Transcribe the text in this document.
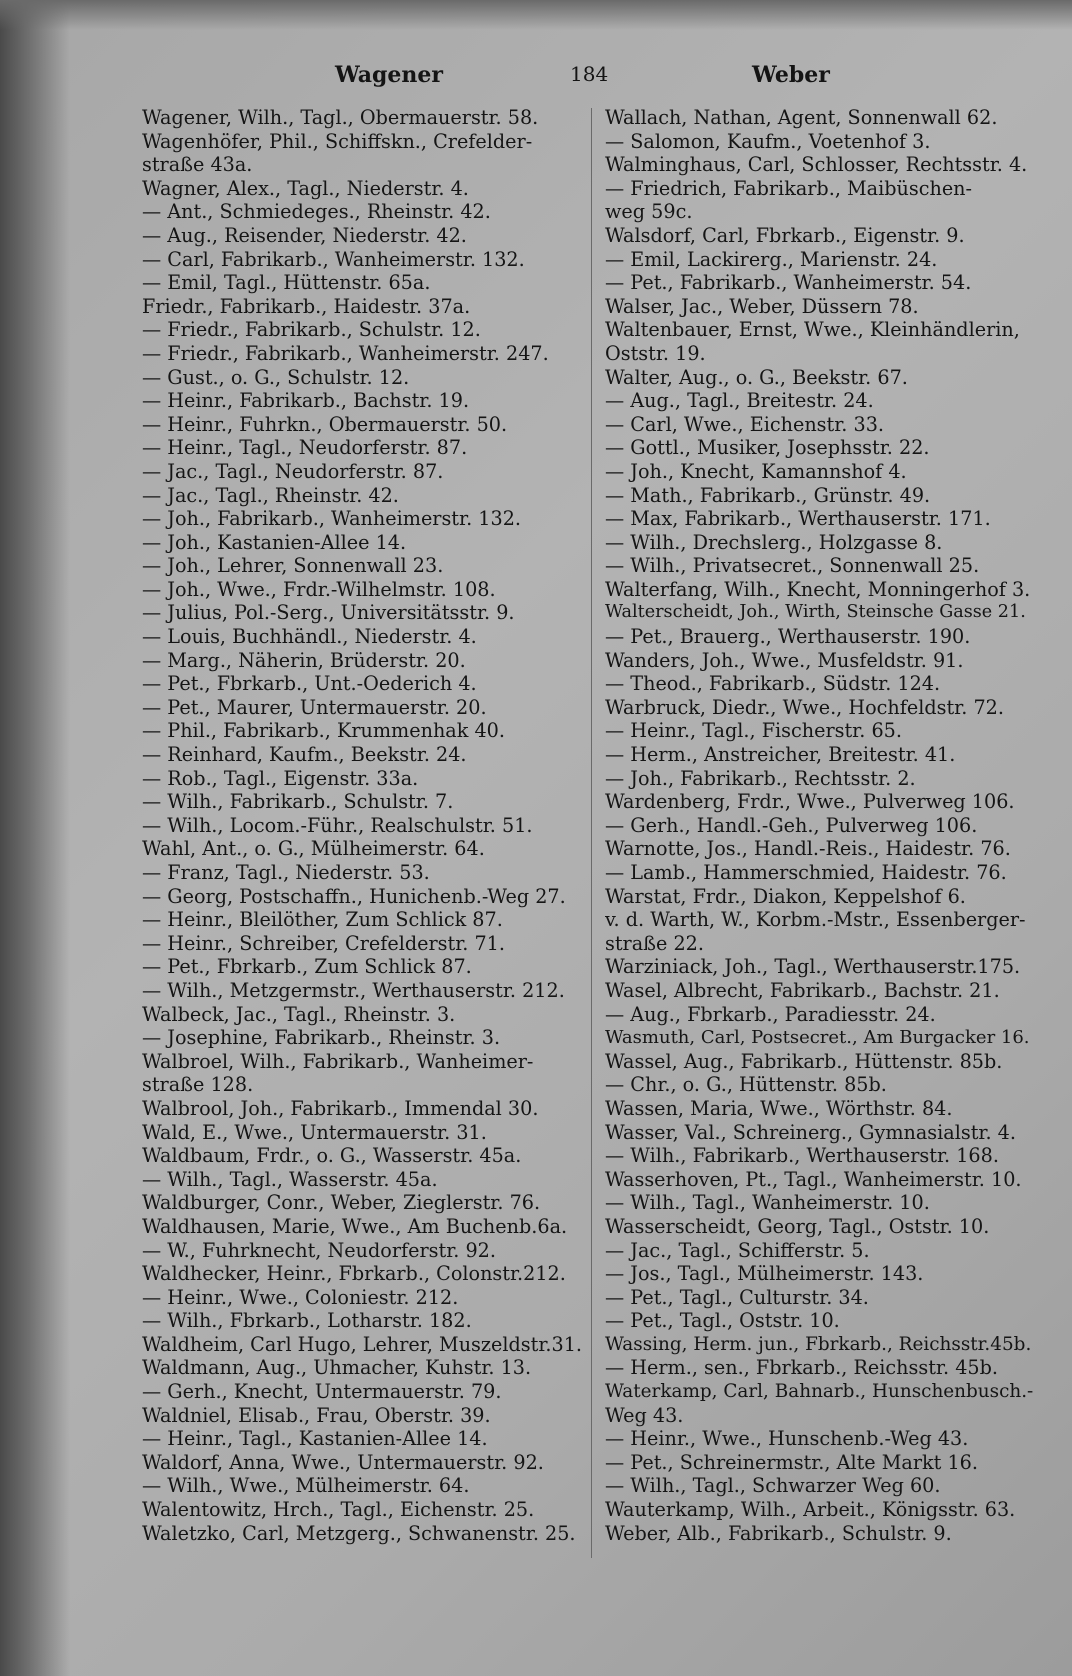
Wagener	184	Weber
Wagener, Wilh., Tagl., Obermauerstr. 58.
Wagenhöfer, Phil., Schiffskn., Crefelder-
straße 43a.
Wagner, Alex., Tagl., Niederstr. 4.
— Ant., Schmiedeges., Rheinstr. 42.
— Aug., Reisender, Niederstr. 42.
— Carl, Fabrikarb., Wanheimerstr. 132.
— Emil, Tagl., Hüttenstr. 65a.
Friedr., Fabrikarb., Haidestr. 37a.
— Friedr., Fabrikarb., Schulstr. 12.
— Friedr., Fabrikarb., Wanheimerstr. 247.
— Gust., o. G., Schulstr. 12.
— Heinr., Fabrikarb., Bachstr. 19.
— Heinr., Fuhrkn., Obermauerstr. 50.
— Heinr., Tagl., Neudorferstr. 87.
— Jac., Tagl., Neudorferstr. 87.
— Jac., Tagl., Rheinstr. 42.
— Joh., Fabrikarb., Wanheimerstr. 132.
— Joh., Kastanien-Allee 14.
— Joh., Lehrer, Sonnenwall 23.
— Joh., Wwe., Frdr.-Wilhelmstr. 108.
— Julius, Pol.-Serg., Universitätsstr. 9.
— Louis, Buchhändl., Niederstr. 4.
— Marg., Näherin, Brüderstr. 20.
— Pet., Fbrkarb., Unt.-Oederich 4.
— Pet., Maurer, Untermauerstr. 20.
— Phil., Fabrikarb., Krummenhak 40.
— Reinhard, Kaufm., Beekstr. 24.
— Rob., Tagl., Eigenstr. 33a.
— Wilh., Fabrikarb., Schulstr. 7.
— Wilh., Locom.-Führ., Realschulstr. 51.
Wahl, Ant., o. G., Mülheimerstr. 64.
— Franz, Tagl., Niederstr. 53.
— Georg, Postschaffn., Hunichenb.-Weg 27.
— Heinr., Bleilöther, Zum Schlick 87.
— Heinr., Schreiber, Crefelderstr. 71.
— Pet., Fbrkarb., Zum Schlick 87.
— Wilh., Metzgermstr., Werthauserstr. 212.
Walbeck, Jac., Tagl., Rheinstr. 3.
— Josephine, Fabrikarb., Rheinstr. 3.
Walbroel, Wilh., Fabrikarb., Wanheimer-
straße 128.
Walbrool, Joh., Fabrikarb., Immendal 30.
Wald, E., Wwe., Untermauerstr. 31.
Waldbaum, Frdr., o. G., Wasserstr. 45a.
— Wilh., Tagl., Wasserstr. 45a.
Waldburger, Conr., Weber, Zieglerstr. 76.
Waldhausen, Marie, Wwe., Am Buchenb.6a.
— W., Fuhrknecht, Neudorferstr. 92.
Waldhecker, Heinr., Fbrkarb., Colonstr.212.
— Heinr., Wwe., Coloniestr. 212.
— Wilh., Fbrkarb., Lotharstr. 182.
Waldheim, Carl Hugo, Lehrer, Muszeldstr.31.
Waldmann, Aug., Uhmacher, Kuhstr. 13.
— Gerh., Knecht, Untermauerstr. 79.
Waldniel, Elisab., Frau, Oberstr. 39.
— Heinr., Tagl., Kastanien-Allee 14.
Waldorf, Anna, Wwe., Untermauerstr. 92.
— Wilh., Wwe., Mülheimerstr. 64.
Walentowitz, Hrch., Tagl., Eichenstr. 25.
Waletzko, Carl, Metzgerg., Schwanenstr. 25.
Wallach, Nathan, Agent, Sonnenwall 62.
— Salomon, Kaufm., Voetenhof 3.
Walminghaus, Carl, Schlosser, Rechtsstr. 4.
— Friedrich, Fabrikarb., Maibüschen-
weg 59c.
Walsdorf, Carl, Fbrkarb., Eigenstr. 9.
— Emil, Lackirerg., Marienstr. 24.
— Pet., Fabrikarb., Wanheimerstr. 54.
Walser, Jac., Weber, Düssern 78.
Waltenbauer, Ernst, Wwe., Kleinhändlerin,
Oststr. 19.
Walter, Aug., o. G., Beekstr. 67.
— Aug., Tagl., Breitestr. 24.
— Carl, Wwe., Eichenstr. 33.
— Gottl., Musiker, Josephsstr. 22.
— Joh., Knecht, Kamannshof 4.
— Math., Fabrikarb., Grünstr. 49.
— Max, Fabrikarb., Werthauserstr. 171.
— Wilh., Drechslerg., Holzgasse 8.
— Wilh., Privatsecret., Sonnenwall 25.
Walterfang, Wilh., Knecht, Monningerhof 3.
Walterscheidt, Joh., Wirth, Steinsche Gasse 21.
— Pet., Brauerg., Werthauserstr. 190.
Wanders, Joh., Wwe., Musfeldstr. 91.
— Theod., Fabrikarb., Südstr. 124.
Warbruck, Diedr., Wwe., Hochfeldstr. 72.
— Heinr., Tagl., Fischerstr. 65.
— Herm., Anstreicher, Breitestr. 41.
— Joh., Fabrikarb., Rechtsstr. 2.
Wardenberg, Frdr., Wwe., Pulverweg 106.
— Gerh., Handl.-Geh., Pulverweg 106.
Warnotte, Jos., Handl.-Reis., Haidestr. 76.
— Lamb., Hammerschmied, Haidestr. 76.
Warstat, Frdr., Diakon, Keppelshof 6.
v. d. Warth, W., Korbm.-Mstr., Essenberger-
straße 22.
Warziniack, Joh., Tagl., Werthauserstr.175.
Wasel, Albrecht, Fabrikarb., Bachstr. 21.
— Aug., Fbrkarb., Paradiesstr. 24.
Wasmuth, Carl, Postsecret., Am Burgacker 16.
Wassel, Aug., Fabrikarb., Hüttenstr. 85b.
— Chr., o. G., Hüttenstr. 85b.
Wassen, Maria, Wwe., Wörthstr. 84.
Wasser, Val., Schreinerg., Gymnasialstr. 4.
— Wilh., Fabrikarb., Werthauserstr. 168.
Wasserhoven, Pt., Tagl., Wanheimerstr. 10.
— Wilh., Tagl., Wanheimerstr. 10.
Wasserscheidt, Georg, Tagl., Oststr. 10.
— Jac., Tagl., Schifferstr. 5.
— Jos., Tagl., Mülheimerstr. 143.
— Pet., Tagl., Culturstr. 34.
— Pet., Tagl., Oststr. 10.
Wassing, Herm. jun., Fbrkarb., Reichsstr.45b.
— Herm., sen., Fbrkarb., Reichsstr. 45b.
Waterkamp, Carl, Bahnarb., Hunschenbusch.-
Weg 43.
— Heinr., Wwe., Hunschenb.-Weg 43.
— Pet., Schreinermstr., Alte Markt 16.
— Wilh., Tagl., Schwarzer Weg 60.
Wauterkamp, Wilh., Arbeit., Königsstr. 63.
Weber, Alb., Fabrikarb., Schulstr. 9.
